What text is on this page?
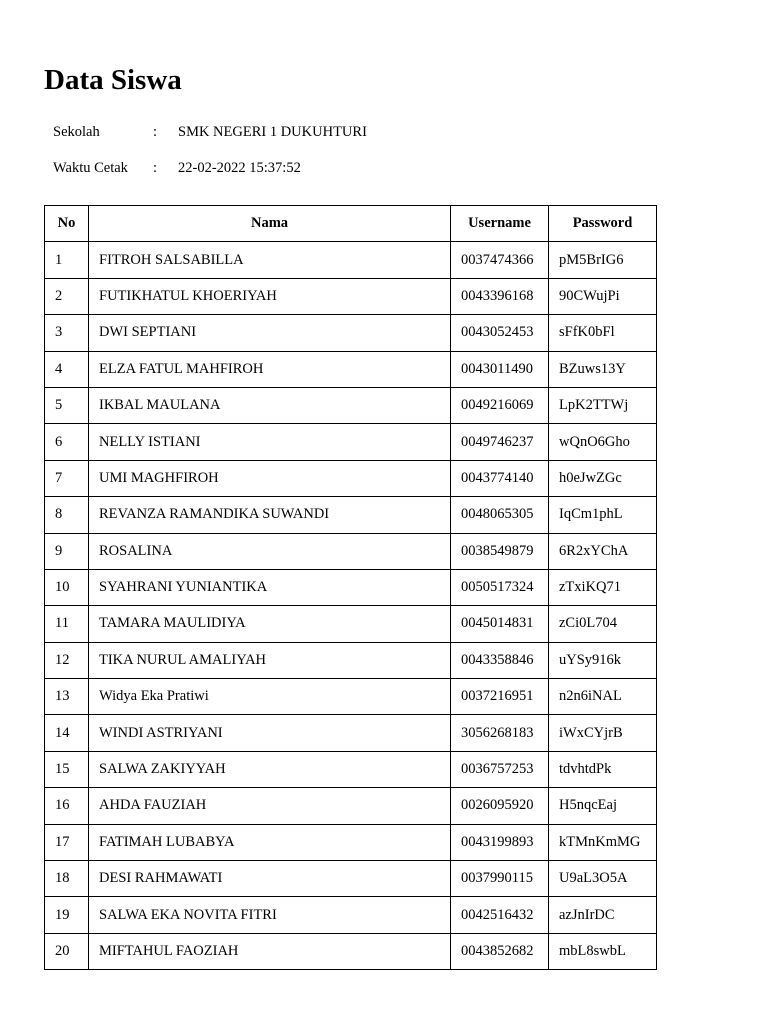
Data Siswa
Sekolah	: SMK NEGERI 1 DUKUHTURI
Waktu Cetak : 22-02-2022 15:37:52
No	Nama	Username	Password
1	FITROH SALSABILLA	0037474366	pM5BrIG6
2	FUTIKHATUL KHOERIYAH	0043396168	90CWujPi
3	DWI SEPTIANI	0043052453	sFfK0bFl
4	ELZA FATUL MAHFIROH	0043011490	BZuws13Y
5	IKBAL MAULANA	0049216069	LpK2TTWj
6	NELLY ISTIANI	0049746237	wQnO6Gho
7	UMI MAGHFIROH	0043774140	h0eJwZGc
8	REVANZA RAMANDIKA SUWANDI	0048065305	IqCm1phL
9	ROSALINA	0038549879	6R2xYChA
10	SYAHRANI YUNIANTIKA	0050517324	zTxiKQ71
11	TAMARA MAULIDIYA	0045014831	zCi0L704
12	TIKA NURUL AMALIYAH	0043358846	uYSy916k
13	Widya Eka Pratiwi	0037216951	n2n6iNAL
14	WINDI ASTRIYANI	3056268183	iWxCYjrB
15	SALWA ZAKIYYAH	0036757253	tdvhtdPk
16	AHDA FAUZIAH	0026095920	H5nqcEaj
17	FATIMAH LUBABYA	0043199893	kTMnKmMG
18	DESI RAHMAWATI	0037990115	U9aL3O5A
19	SALWA EKA NOVITA FITRI	0042516432	azJnIrDC
20	MIFTAHUL FAOZIAH	0043852682	mbL8swbL
